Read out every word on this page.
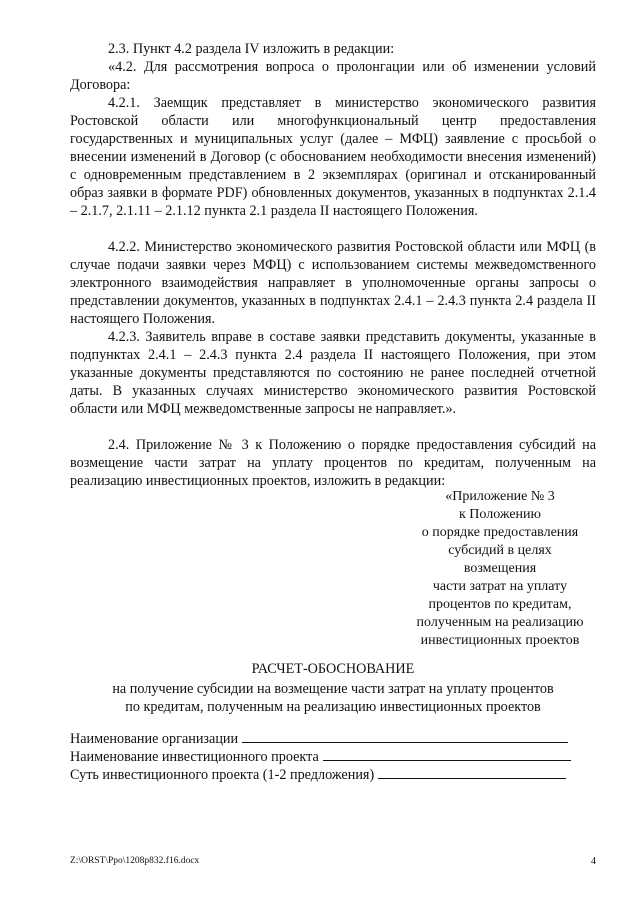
2.3. Пункт 4.2 раздела IV изложить в редакции:

«4.2. Для рассмотрения вопроса о пролонгации или об изменении условий Договора:

4.2.1. Заемщик представляет в министерство экономического развития Ростовской области или многофункциональный центр предоставления государственных и муниципальных услуг (далее – МФЦ) заявление с просьбой о внесении изменений в Договор (с обоснованием необходимости внесения изменений) с одновременным представлением в 2 экземплярах (оригинал и отсканированный образ заявки в формате PDF) обновленных документов, указанных в подпунктах 2.1.4 – 2.1.7, 2.1.11 – 2.1.12 пункта 2.1 раздела II настоящего Положения.

4.2.2. Министерство экономического развития Ростовской области или МФЦ (в случае подачи заявки через МФЦ) с использованием системы межведомственного электронного взаимодействия направляет в уполномоченные органы запросы о представлении документов, указанных в подпунктах 2.4.1 – 2.4.3 пункта 2.4 раздела II настоящего Положения.

4.2.3. Заявитель вправе в составе заявки представить документы, указанные в подпунктах 2.4.1 – 2.4.3 пункта 2.4 раздела II настоящего Положения, при этом указанные документы представляются по состоянию не ранее последней отчетной даты. В указанных случаях министерство экономического развития Ростовской области или МФЦ межведомственные запросы не направляет.».

2.4. Приложение № 3 к Положению о порядке предоставления субсидий на возмещение части затрат на уплату процентов по кредитам, полученным на реализацию инвестиционных проектов, изложить в редакции:

«Приложение № 3
к Положению
о порядке предоставления
субсидий в целях
возмещения
части затрат на уплату
процентов по кредитам,
полученным на реализацию
инвестиционных проектов
РАСЧЕТ-ОБОСНОВАНИЕ
на получение субсидии на возмещение части затрат на уплату процентов
по кредитам, полученным на реализацию инвестиционных проектов
Наименование организации
Наименование инвестиционного проекта
Суть инвестиционного проекта (1-2 предложения)
Z:\ORST\Ppo\1208p832.f16.docx	4
